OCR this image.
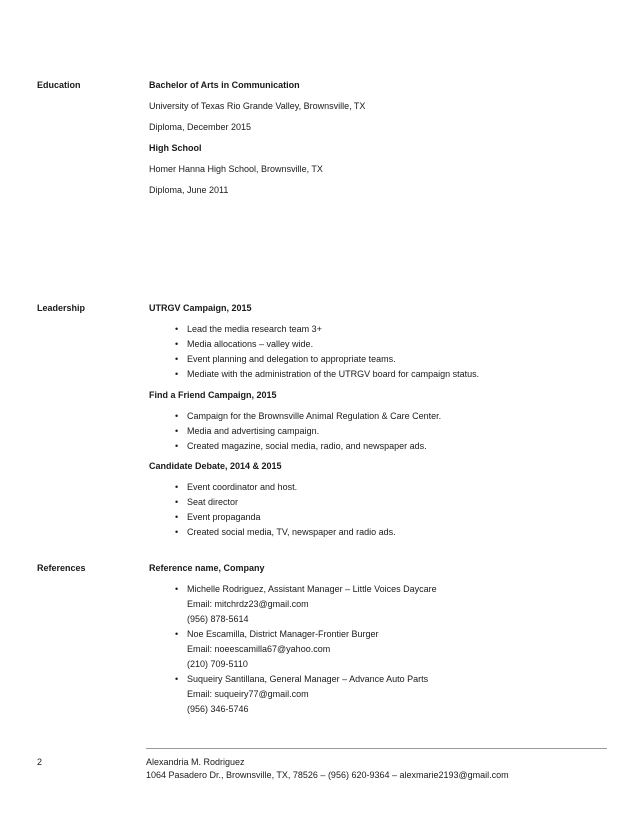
Education	Bachelor of Arts in Communication
University of Texas Rio Grande Valley, Brownsville, TX
Diploma, December 2015
High School
Homer Hanna High School, Brownsville, TX
Diploma, June 2011
Leadership	UTRGV Campaign, 2015
• Lead the media research team 3+
• Media allocations – valley wide.
• Event planning and delegation to appropriate teams.
• Mediate with the administration of the UTRGV board for campaign status.
Find a Friend Campaign, 2015
• Campaign for the Brownsville Animal Regulation & Care Center.
• Media and advertising campaign.
• Created magazine, social media, radio, and newspaper ads.
Candidate Debate, 2014 & 2015
• Event coordinator and host.
• Seat director
• Event propaganda
• Created social media, TV, newspaper and radio ads.
References	Reference name, Company
• Michelle Rodriguez, Assistant Manager – Little Voices Daycare
Email: mitchrdz23@gmail.com
(956) 878-5614
• Noe Escamilla, District Manager-Frontier Burger
Email: noeescamilla67@yahoo.com
(210) 709-5110
• Suqueiry Santillana, General Manager – Advance Auto Parts
Email: suqueiry77@gmail.com
(956) 346-5746
2	Alexandria M. Rodriguez
1064 Pasadero Dr., Brownsville, TX, 78526 – (956) 620-9364 – alexmarie2193@gmail.com
